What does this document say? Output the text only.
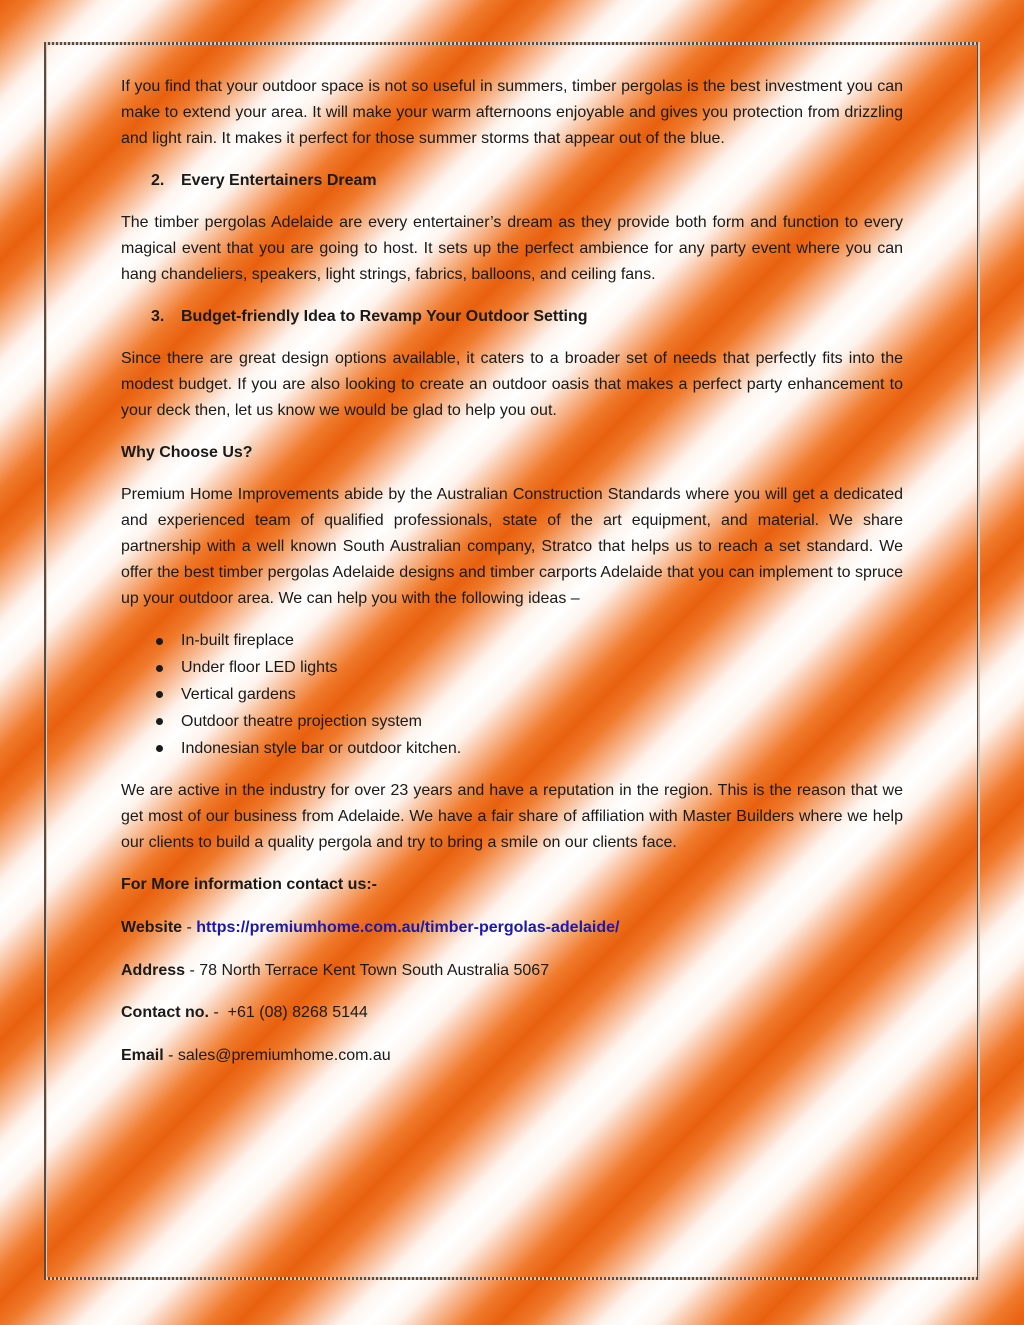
If you find that your outdoor space is not so useful in summers, timber pergolas is the best investment you can make to extend your area. It will make your warm afternoons enjoyable and gives you protection from drizzling and light rain. It makes it perfect for those summer storms that appear out of the blue.

2.	Every Entertainers Dream

The timber pergolas Adelaide are every entertainer’s dream as they provide both form and function to every magical event that you are going to host. It sets up the perfect ambience for any party event where you can hang chandeliers, speakers, light strings, fabrics, balloons, and ceiling fans.

3.	Budget-friendly Idea to Revamp Your Outdoor Setting

Since there are great design options available, it caters to a broader set of needs that perfectly fits into the modest budget. If you are also looking to create an outdoor oasis that makes a perfect party enhancement to your deck then, let us know we would be glad to help you out.

Why Choose Us?

Premium Home Improvements abide by the Australian Construction Standards where you will get a dedicated and experienced team of qualified professionals, state of the art equipment, and material. We share partnership with a well known South Australian company, Stratco that helps us to reach a set standard. We offer the best timber pergolas Adelaide designs and timber carports Adelaide that you can implement to spruce up your outdoor area. We can help you with the following ideas –

In-built fireplace
Under floor LED lights
Vertical gardens
Outdoor theatre projection system
Indonesian style bar or outdoor kitchen.

We are active in the industry for over 23 years and have a reputation in the region. This is the reason that we get most of our business from Adelaide. We have a fair share of affiliation with Master Builders where we help our clients to build a quality pergola and try to bring a smile on our clients face.

For More information contact us:-
Website - https://premiumhome.com.au/timber-pergolas-adelaide/
Address - 78 North Terrace Kent Town South Australia 5067
Contact no. -  +61 (08) 8268 5144
Email - sales@premiumhome.com.au
